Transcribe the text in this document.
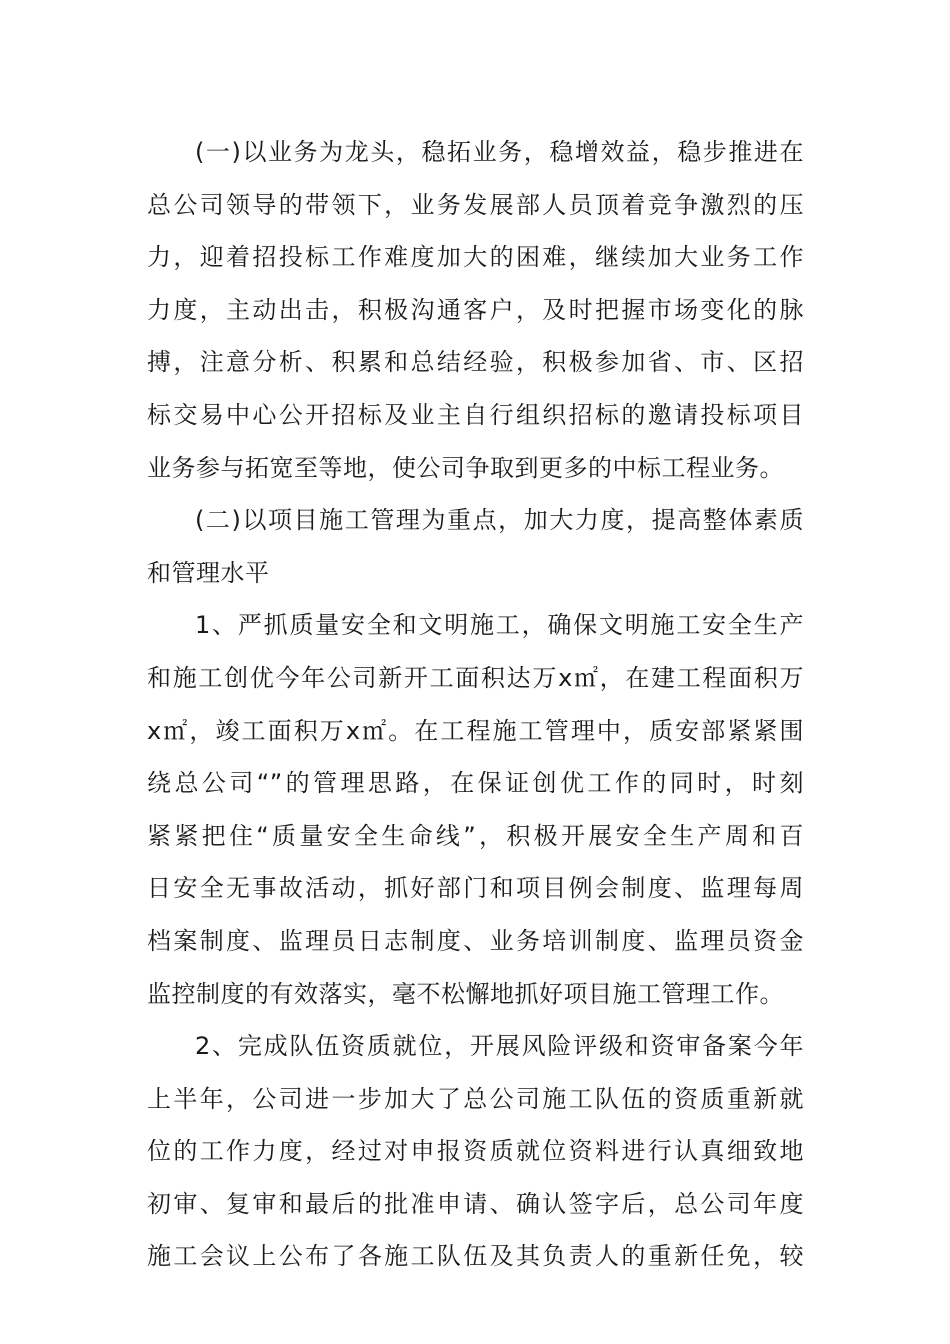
(一)以业务为龙头，稳拓业务，稳增效益，稳步推进在
总公司领导的带领下，业务发展部人员顶着竞争激烈的压
力，迎着招投标工作难度加大的困难，继续加大业务工作
力度，主动出击，积极沟通客户，及时把握市场变化的脉
搏，注意分析、积累和总结经验，积极参加省、市、区招
标交易中心公开招标及业主自行组织招标的邀请投标项目
业务参与拓宽至等地，使公司争取到更多的中标工程业务。
(二)以项目施工管理为重点，加大力度，提高整体素质
和管理水平
1、严抓质量安全和文明施工，确保文明施工安全生产
和施工创优今年公司新开工面积达万x㎡，在建工程面积万
x㎡，竣工面积万x㎡。在工程施工管理中，质安部紧紧围
绕总公司“”的管理思路，在保证创优工作的同时，时刻
紧紧把住“质量安全生命线”，积极开展安全生产周和百
日安全无事故活动，抓好部门和项目例会制度、监理每周
档案制度、监理员日志制度、业务培训制度、监理员资金
监控制度的有效落实，毫不松懈地抓好项目施工管理工作。
2、完成队伍资质就位，开展风险评级和资审备案今年
上半年，公司进一步加大了总公司施工队伍的资质重新就
位的工作力度，经过对申报资质就位资料进行认真细致地
初审、复审和最后的批准申请、确认签字后，总公司年度
施工会议上公布了各施工队伍及其负责人的重新任免，较
